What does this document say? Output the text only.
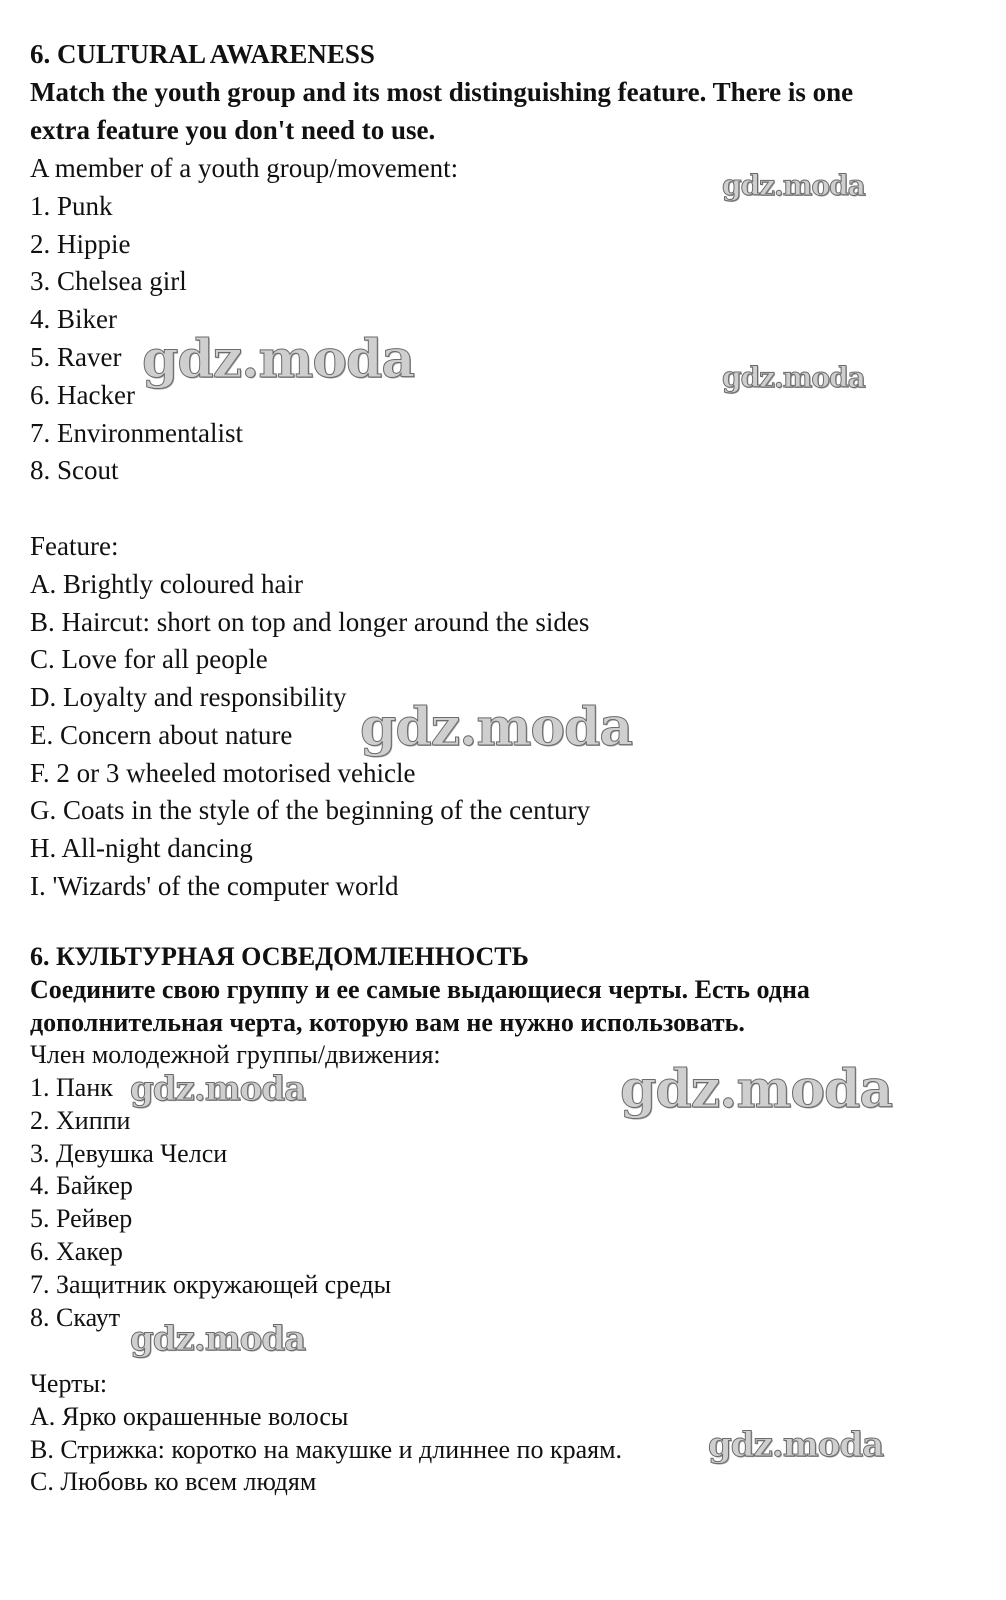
6. CULTURAL AWARENESS
Match the youth group and its most distinguishing feature. There is one
extra feature you don't need to use.
A member of a youth group/movement:
1. Punk
2. Hippie
3. Chelsea girl
4. Biker
5. Raver
6. Hacker
7. Environmentalist
8. Scout
Feature:
A. Brightly coloured hair
B. Haircut: short on top and longer around the sides
C. Love for all people
D. Loyalty and responsibility
E. Concern about nature
F. 2 or 3 wheeled motorised vehicle
G. Coats in the style of the beginning of the century
H. All-night dancing
I. 'Wizards' of the computer world
6. КУЛЬТУРНАЯ ОСВЕДОМЛЕННОСТЬ
Соедините свою группу и ее самые выдающиеся черты. Есть одна
дополнительная черта, которую вам не нужно использовать.
Член молодежной группы/движения:
1. Панк
2. Хиппи
3. Девушка Челси
4. Байкер
5. Рейвер
6. Хакер
7. Защитник окружающей среды
8. Скаут
Черты:
A. Ярко окрашенные волосы
B. Стрижка: коротко на макушке и длиннее по краям.
C. Любовь ко всем людям
gdz.moda
gdz.moda	gdz.moda
gdz.moda
gdz.moda	gdz.moda
gdz.moda
gdz.moda
